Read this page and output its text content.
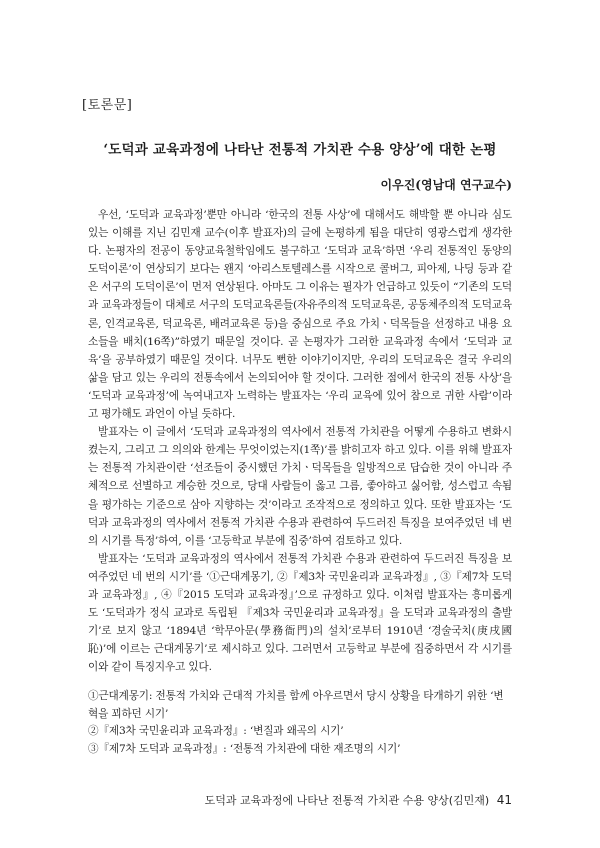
[토론문]
‘도덕과 교육과정에 나타난 전통적 가치관 수용 양상’에 대한 논평
이우진(영남대 연구교수)

우선, ‘도덕과 교육과정’뿐만 아니라 ‘한국의 전통 사상’에 대해서도 해박할 뿐 아니라 심도 있는 이해를 지닌 김민재 교수(이후 발표자)의 글에 논평하게 됨을 대단히 영광스럽게 생각한다. 논평자의 전공이 동양교육철학임에도 불구하고 ‘도덕과 교육’하면 ‘우리 전통적인 동양의 도덕이론’이 연상되기 보다는 왠지 ‘아리스토텔레스를 시작으로 콜버그, 피아제, 나딩 등과 같은 서구의 도덕이론’이 먼저 연상된다. 아마도 그 이유는 필자가 언급하고 있듯이 “기존의 도덕과 교육과정들이 대체로 서구의 도덕교육론들(자유주의적 도덕교육론, 공동체주의적 도덕교육론, 인격교육론, 덕교육론, 배려교육론 등)을 중심으로 주요 가치ㆍ덕목들을 선정하고 내용 요소들을 배치(16쪽)”하였기 때문일 것이다. 곧 논평자가 그러한 교육과정 속에서 ‘도덕과 교육’을 공부하였기 때문일 것이다. 너무도 뻔한 이야기이지만, 우리의 도덕교육은 결국 우리의 삶을 담고 있는 우리의 전통속에서 논의되어야 할 것이다. 그러한 점에서 한국의 전통 사상’을 ‘도덕과 교육과정’에 녹여내고자 노력하는 발표자는 ‘우리 교육에 있어 참으로 귀한 사람’이라고 평가해도 과언이 아닐 듯하다.

발표자는 이 글에서 ‘도덕과 교육과정의 역사에서 전통적 가치관을 어떻게 수용하고 변화시켰는지, 그리고 그 의의와 한계는 무엇이었는지(1쪽)’를 밝히고자 하고 있다. 이를 위해 발표자는 전통적 가치관이란 ‘선조들이 중시했던 가치ㆍ덕목들을 일방적으로 답습한 것이 아니라 주체적으로 선별하고 계승한 것으로, 당대 사람들이 옳고 그름, 좋아하고 싫어함, 성스럽고 속됨을 평가하는 기준으로 삼아 지향하는 것’이라고 조작적으로 정의하고 있다. 또한 발표자는 ‘도덕과 교육과정의 역사에서 전통적 가치관 수용과 관련하여 두드러진 특징을 보여주었던 네 번의 시기를 특정’하여, 이를 ‘고등학교 부분에 집중’하여 검토하고 있다.

발표자는 ‘도덕과 교육과정의 역사에서 전통적 가치관 수용과 관련하여 두드러진 특징을 보여주었던 네 번의 시기’를 ‘①근대계몽기, ②『제3차 국민윤리과 교육과정』, ③『제7차 도덕과 교육과정』, ④『2015 도덕과 교육과정』’으로 규정하고 있다. 이처럼 발표자는 흥미롭게도 ‘도덕과가 정식 교과로 독립된 『제3차 국민윤리과 교육과정』을 도덕과 교육과정의 출발기’로 보지 않고 ‘1894년 ‘학무아문(學務衙門)의 설치’로부터 1910년 ‘경술국치(庚戌國恥)’에 이르는 근대계몽기’로 제시하고 있다. 그러면서 고등학교 부분에 집중하면서 각 시기를 이와 같이 특징지우고 있다.

①근대계몽기: 전통적 가치와 근대적 가치를 함께 아우르면서 당시 상황을 타개하기 위한 ‘변혁을 꾀하던 시기’

②『제3차 국민윤리과 교육과정』: ‘변질과 왜곡의 시기’

③『제7차 도덕과 교육과정』: ‘전통적 가치관에 대한 재조명의 시기’

도덕과 교육과정에 나타난 전통적 가치관 수용 양상(김민재) 41
